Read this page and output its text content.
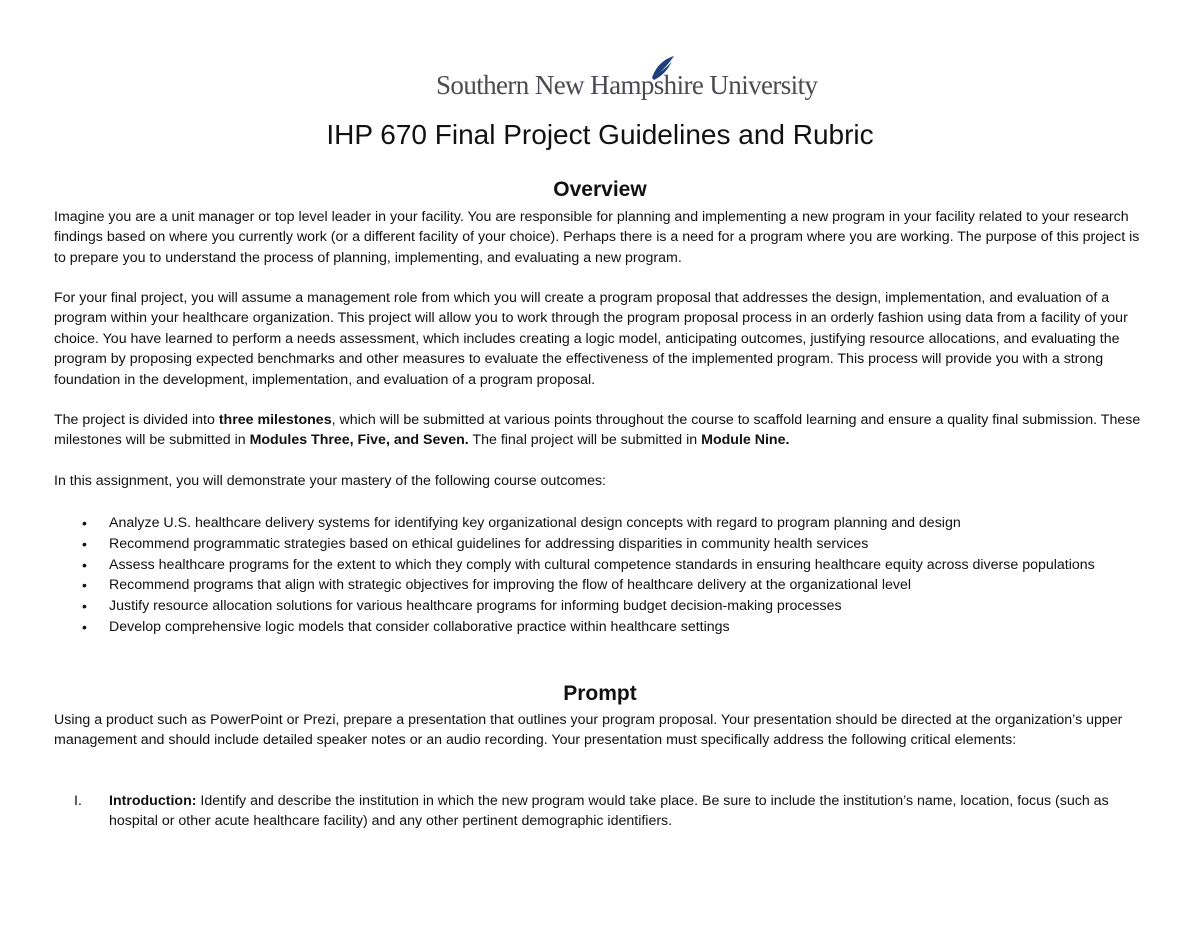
Southern New Hampshire University
IHP 670 Final Project Guidelines and Rubric
Overview

Imagine you are a unit manager or top level leader in your facility. You are responsible for planning and implementing a new program in your facility related to your research findings based on where you currently work (or a different facility of your choice). Perhaps there is a need for a program where you are working. The purpose of this project is to prepare you to understand the process of planning, implementing, and evaluating a new program.

For your final project, you will assume a management role from which you will create a program proposal that addresses the design, implementation, and evaluation of a program within your healthcare organization. This project will allow you to work through the program proposal process in an orderly fashion using data from a facility of your choice. You have learned to perform a needs assessment, which includes creating a logic model, anticipating outcomes, justifying resource allocations, and evaluating the program by proposing expected benchmarks and other measures to evaluate the effectiveness of the implemented program. This process will provide you with a strong foundation in the development, implementation, and evaluation of a program proposal.

The project is divided into three milestones, which will be submitted at various points throughout the course to scaffold learning and ensure a quality final submission. These milestones will be submitted in Modules Three, Five, and Seven. The final project will be submitted in Module Nine.

In this assignment, you will demonstrate your mastery of the following course outcomes:

• Analyze U.S. healthcare delivery systems for identifying key organizational design concepts with regard to program planning and design
• Recommend programmatic strategies based on ethical guidelines for addressing disparities in community health services
• Assess healthcare programs for the extent to which they comply with cultural competence standards in ensuring healthcare equity across diverse populations
• Recommend programs that align with strategic objectives for improving the flow of healthcare delivery at the organizational level
• Justify resource allocation solutions for various healthcare programs for informing budget decision-making processes
• Develop comprehensive logic models that consider collaborative practice within healthcare settings
Prompt

Using a product such as PowerPoint or Prezi, prepare a presentation that outlines your program proposal. Your presentation should be directed at the organization’s upper management and should include detailed speaker notes or an audio recording. Your presentation must specifically address the following critical elements:

I. Introduction: Identify and describe the institution in which the new program would take place. Be sure to include the institution’s name, location, focus (such as hospital or other acute healthcare facility) and any other pertinent demographic identifiers.
